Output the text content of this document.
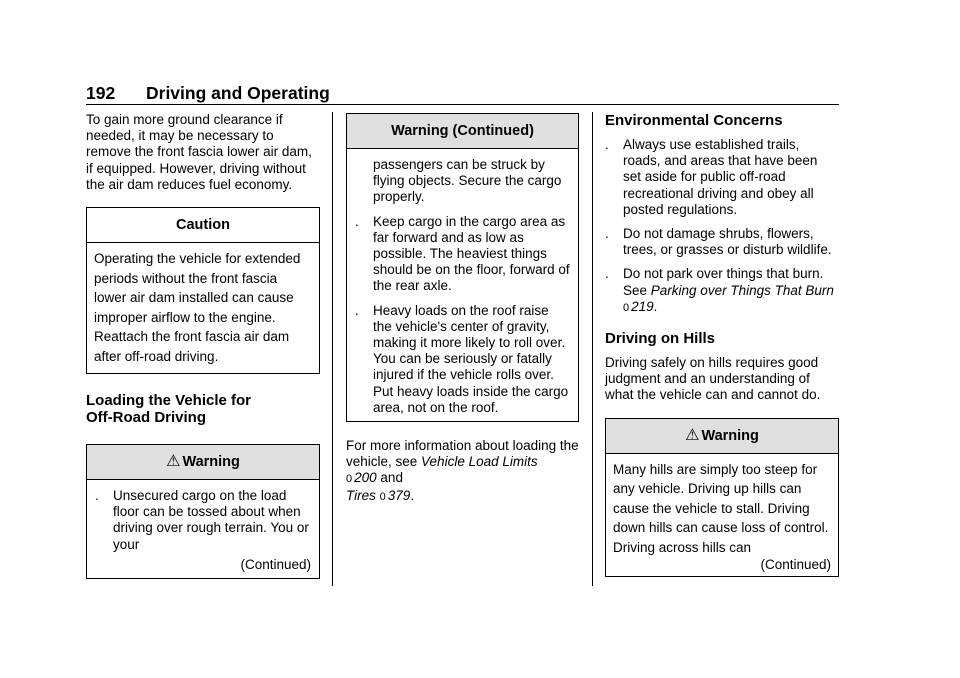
192 Driving and Operating

To gain more ground clearance if needed, it may be necessary to remove the front fascia lower air dam, if equipped. However, driving without the air dam reduces fuel economy.

Caution
Operating the vehicle for extended periods without the front fascia lower air dam installed can cause improper airflow to the engine. Reattach the front fascia air dam after off-road driving.
Loading the Vehicle for
Off-Road Driving
⚠ Warning
.	Unsecured cargo on the load floor can be tossed about when driving over rough terrain. You or your
(Continued)
Warning (Continued)

passengers can be struck by flying objects. Secure the cargo properly.

.	Keep cargo in the cargo area as far forward and as low as possible. The heaviest things should be on the floor, forward of the rear axle.
.	Heavy loads on the roof raise the vehicle's center of gravity, making it more likely to roll over. You can be seriously or fatally injured if the vehicle rolls over. Put heavy loads inside the cargo area, not on the roof.

For more information about loading the vehicle, see Vehicle Load Limits
0 200 and
Tires 0 379.

Environmental Concerns
.	Always use established trails, roads, and areas that have been set aside for public off-road recreational driving and obey all posted regulations.
.	Do not damage shrubs, flowers, trees, or grasses or disturb wildlife.
.	Do not park over things that burn. See Parking over Things That Burn 0 219.
Driving on Hills

Driving safely on hills requires good judgment and an understanding of what the vehicle can and cannot do.

⚠ Warning
Many hills are simply too steep for any vehicle. Driving up hills can cause the vehicle to stall. Driving down hills can cause loss of control. Driving across hills can
(Continued)
